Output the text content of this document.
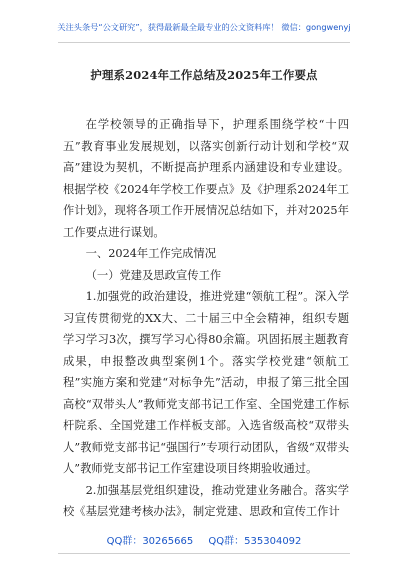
关注头条号“公文研究”，获得最新最全最专业的公文资料库！ 微信：gongwenyj
护理系2024年工作总结及2025年工作要点

在学校领导的正确指导下，护理系围绕学校“十四五”教育事业发展规划，以落实创新行动计划和学校“双高”建设为契机，不断提高护理系内涵建设和专业建设。根据学校《2024年学校工作要点》及《护理系2024年工作计划》，现将各项工作开展情况总结如下，并对2025年工作要点进行谋划。

一、2024年工作完成情况

（一）党建及思政宣传工作

1.加强党的政治建设，推进党建“领航工程”。深入学习宣传贯彻党的XX大、二十届三中全会精神，组织专题学习学习3次，撰写学习心得80余篇。巩固拓展主题教育成果，申报整改典型案例1个。落实学校党建“领航工程”实施方案和党建“对标争先”活动，申报了第三批全国高校“双带头人”教师党支部书记工作室、全国党建工作标杆院系、全国党建工作样板支部。入选省级高校“双带头人”教师党支部书记“强国行”专项行动团队，省级“双带头人”教师党支部书记工作室建设项目终期验收通过。

2.加强基层党组织建设，推动党建业务融合。落实学校《基层党建考核办法》，制定党建、思政和宣传工作计

QQ群：30265665 QQ群：535304092
